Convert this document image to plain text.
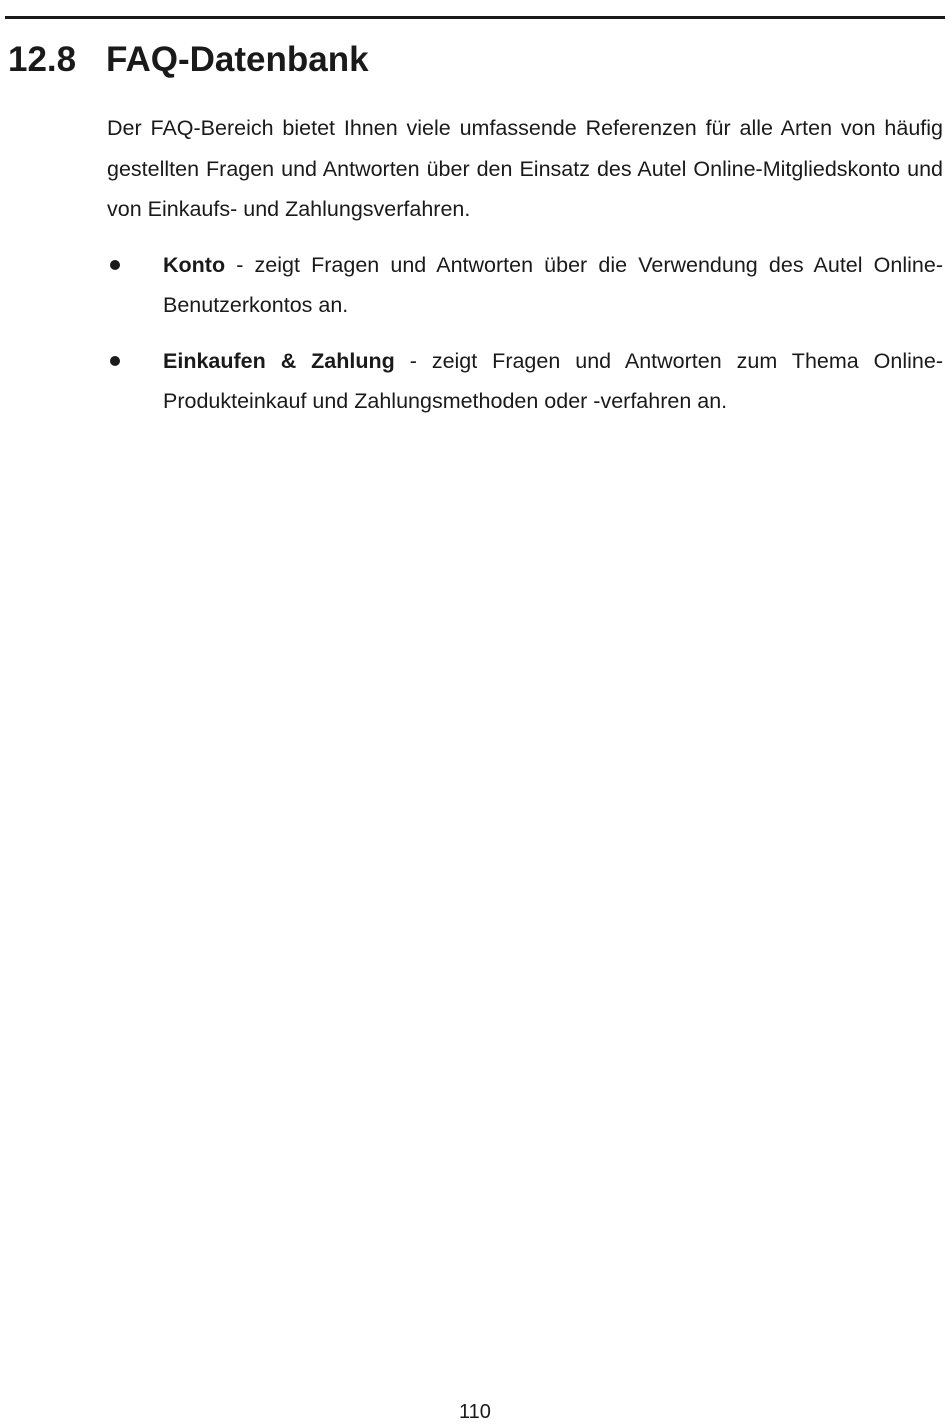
12.8 FAQ-Datenbank

Der FAQ-Bereich bietet Ihnen viele umfassende Referenzen für alle Arten von häufig gestellten Fragen und Antworten über den Einsatz des Autel Online-Mitgliedskonto und von Einkaufs- und Zahlungsverfahren.

Konto - zeigt Fragen und Antworten über die Verwendung des Autel Online-Benutzerkontos an.
Einkaufen & Zahlung - zeigt Fragen und Antworten zum Thema Online-Produkteinkauf und Zahlungsmethoden oder -verfahren an.
110
